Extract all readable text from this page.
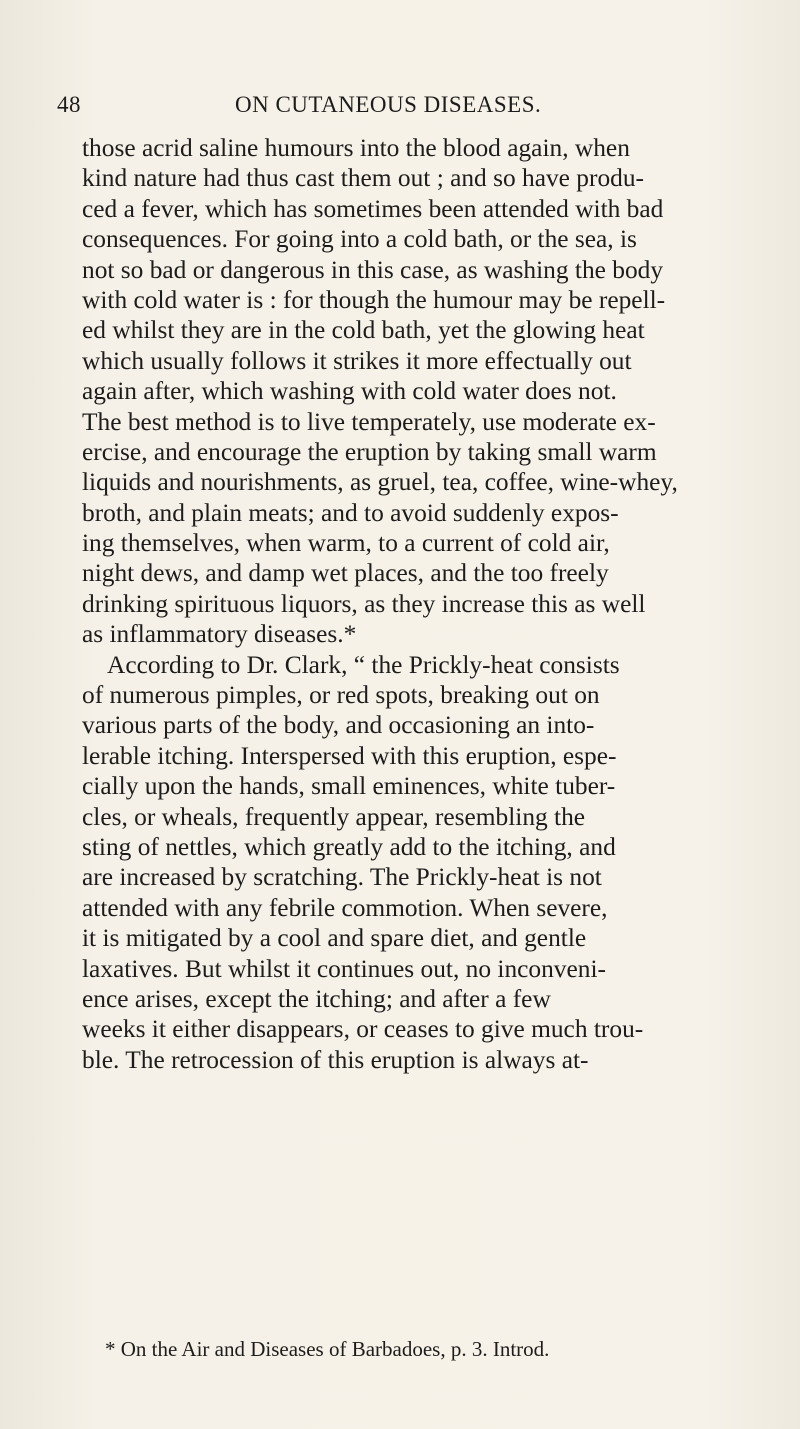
48	ON CUTANEOUS DISEASES.
those acrid saline humours into the blood again, when
kind nature had thus cast them out ; and so have produ-
ced a fever, which has sometimes been attended with bad
consequences. For going into a cold bath, or the sea, is
not so bad or dangerous in this case, as washing the body
with cold water is : for though the humour may be repell-
ed whilst they are in the cold bath, yet the glowing heat
which usually follows it strikes it more effectually out
again after, which washing with cold water does not.
The best method is to live temperately, use moderate ex-
ercise, and encourage the eruption by taking small warm
liquids and nourishments, as gruel, tea, coffee, wine-whey,
broth, and plain meats; and to avoid suddenly expos-
ing themselves, when warm, to a current of cold air,
night dews, and damp wet places, and the too freely
drinking spirituous liquors, as they increase this as well
as inflammatory diseases.*
According to Dr. Clark, “ the Prickly-heat consists
of numerous pimples, or red spots, breaking out on
various parts of the body, and occasioning an into-
lerable itching. Interspersed with this eruption, espe-
cially upon the hands, small eminences, white tuber-
cles, or wheals, frequently appear, resembling the
sting of nettles, which greatly add to the itching, and
are increased by scratching. The Prickly-heat is not
attended with any febrile commotion. When severe,
it is mitigated by a cool and spare diet, and gentle
laxatives. But whilst it continues out, no inconveni-
ence arises, except the itching; and after a few
weeks it either disappears, or ceases to give much trou-
ble. The retrocession of this eruption is always at-
* On the Air and Diseases of Barbadoes, p. 3. Introd.
